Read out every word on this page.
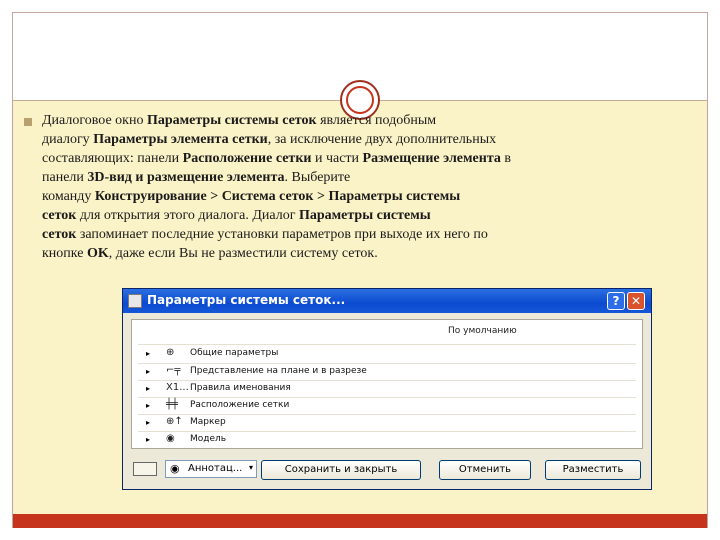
Диалоговое окно Параметры системы сеток является подобным
диалогу Параметры элемента сетки, за исключение двух дополнительных
составляющих: панели Расположение сетки и части Размещение элемента в
панели 3D-вид и размещение элемента. Выберите
команду Конструирование > Система сеток > Параметры системы
сеток для открытия этого диалога. Диалог Параметры системы
сеток запоминает последние установки параметров при выходе их него по
кнопке OK, даже если Вы не разместили систему сеток.
Параметры системы сеток...	? ✕
По умолчанию
▸ ⊕ Общие параметры
▸ ⌐╤ Представление на плане и в разрезе
▸ X1... Правила именования
▸ ╪╪ Расположение сетки
▸ ⊕↑ Маркер
▸ ◉ Модель
◉ Аннотац... ▾	Сохранить и закрыть	Отменить	Разместить
